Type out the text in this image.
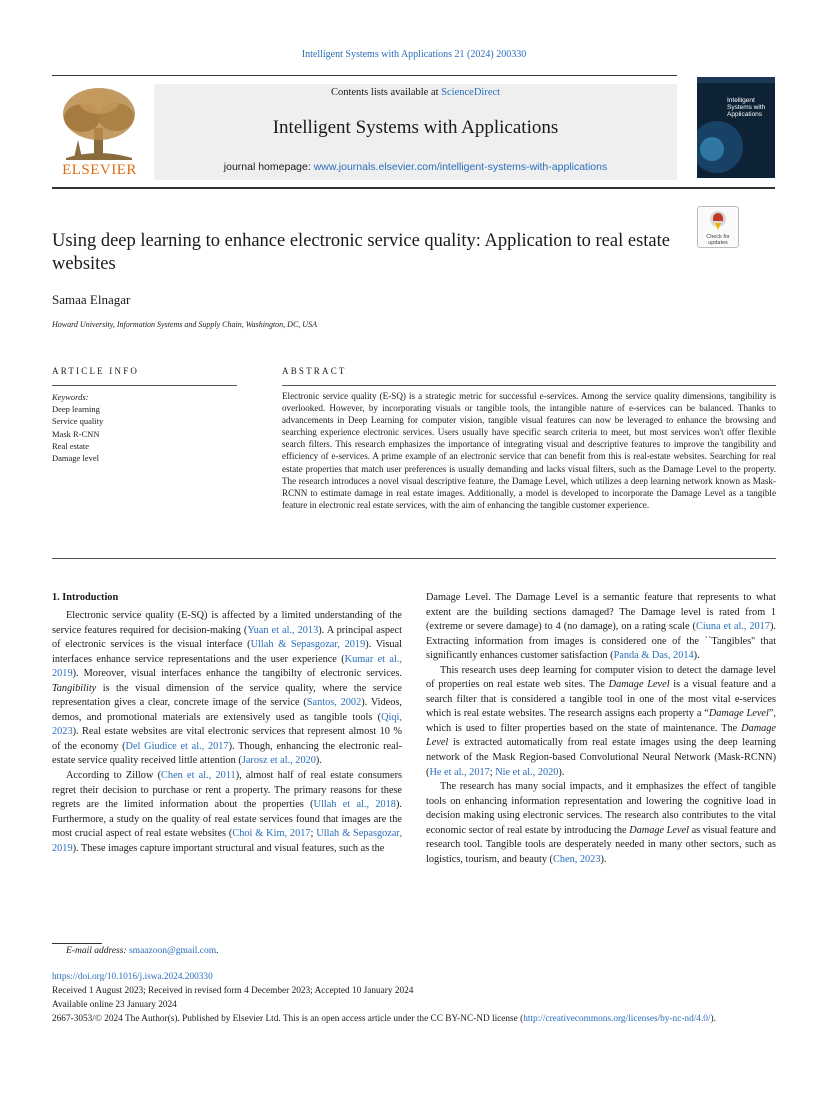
Intelligent Systems with Applications 21 (2024) 200330
ELSEVIER
Contents lists available at ScienceDirect
Intelligent Systems with Applications
journal homepage: www.journals.elsevier.com/intelligent-systems-with-applications
Intelligent Systems with Applications
Using deep learning to enhance electronic service quality: Application to real estate websites
Check for updates
Samaa Elnagar
Howard University, Information Systems and Supply Chain, Washington, DC, USA
ARTICLE INFO
Keywords:
Deep learning
Service quality
Mask R-CNN
Real estate
Damage level
ABSTRACT
Electronic service quality (E-SQ) is a strategic metric for successful e-services. Among the service quality dimensions, tangibility is overlooked. However, by incorporating visuals or tangible tools, the intangible nature of e-services can be balanced. Thanks to advancements in Deep Learning for computer vision, tangible visual features can now be leveraged to enhance the browsing and searching experience electronic services. Users usually have specific search criteria to meet, but most services won't offer flexible search filters. This research emphasizes the importance of integrating visual and descriptive features to improve the tangibility and efficiency of e-services. A prime example of an electronic service that can benefit from this is real-estate websites. Searching for real estate properties that match user preferences is usually demanding and lacks visual filters, such as the Damage Level to the property. The research introduces a novel visual descriptive feature, the Damage Level, which utilizes a deep learning network known as Mask-RCNN to estimate damage in real estate images. Additionally, a model is developed to incorporate the Damage Level as a tangible feature in electronic real estate services, with the aim of enhancing the tangible customer experience.
1. Introduction

Electronic service quality (E-SQ) is affected by a limited understanding of the service features required for decision-making (Yuan et al., 2013). A principal aspect of electronic services is the visual interface (Ullah & Sepasgozar, 2019). Visual interfaces enhance service representations and the user experience (Kumar et al., 2019). Moreover, visual interfaces enhance the tangibilty of electronic services. Tangibility is the visual dimension of the service quality, where the service representation gives a clear, concrete image of the service (Santos, 2002). Videos, demos, and promotional materials are extensively used as tangible tools (Qiqi, 2023). Real estate websites are vital electronic services that represent almost 10 % of the economy (Del Giudice et al., 2017). Though, enhancing the electronic real-estate service quality received little attention (Jarosz et al., 2020).

According to Zillow (Chen et al., 2011), almost half of real estate consumers regret their decision to purchase or rent a property. The primary reasons for these regrets are the limited information about the properties (Ullah et al., 2018). Furthermore, a study on the quality of real estate services found that images are the most crucial aspect of real estate websites (Choi & Kim, 2017; Ullah & Sepasgozar, 2019). These images capture important structural and visual features, such as the

Damage Level. The Damage Level is a semantic feature that represents to what extent are the building sections damaged? The Damage level is rated from 1 (extreme or severe damage) to 4 (no damage), on a rating scale (Ciuna et al., 2017). Extracting information from images is considered one of the ``Tangibles'' that significantly enhances customer satisfaction (Panda & Das, 2014).

This research uses deep learning for computer vision to detect the damage level of properties on real estate web sites. The Damage Level is a visual feature and a search filter that is considered a tangible tool in one of the most vital e-services which is real estate websites. The research assigns each property a “Damage Level”, which is used to filter properties based on the state of maintenance. The Damage Level is extracted automatically from real estate images using the deep learning network of the Mask Region-based Convolutional Neural Network (Mask-RCNN) (He et al., 2017; Nie et al., 2020).

The research has many social impacts, and it emphasizes the effect of tangible tools on enhancing information representation and lowering the cognitive load in decision making using electronic services. The research also contributes to the vital economic sector of real estate by introducing the Damage Level as visual feature and research tool. Tangible tools are desperately needed in many other sectors, such as logistics, tourism, and beauty (Chen, 2023).

E-mail address: smaazoon@gmail.com.
https://doi.org/10.1016/j.iswa.2024.200330
Received 1 August 2023; Received in revised form 4 December 2023; Accepted 10 January 2024
Available online 23 January 2024
2667-3053/© 2024 The Author(s). Published by Elsevier Ltd. This is an open access article under the CC BY-NC-ND license (http://creativecommons.org/licenses/by-nc-nd/4.0/).
